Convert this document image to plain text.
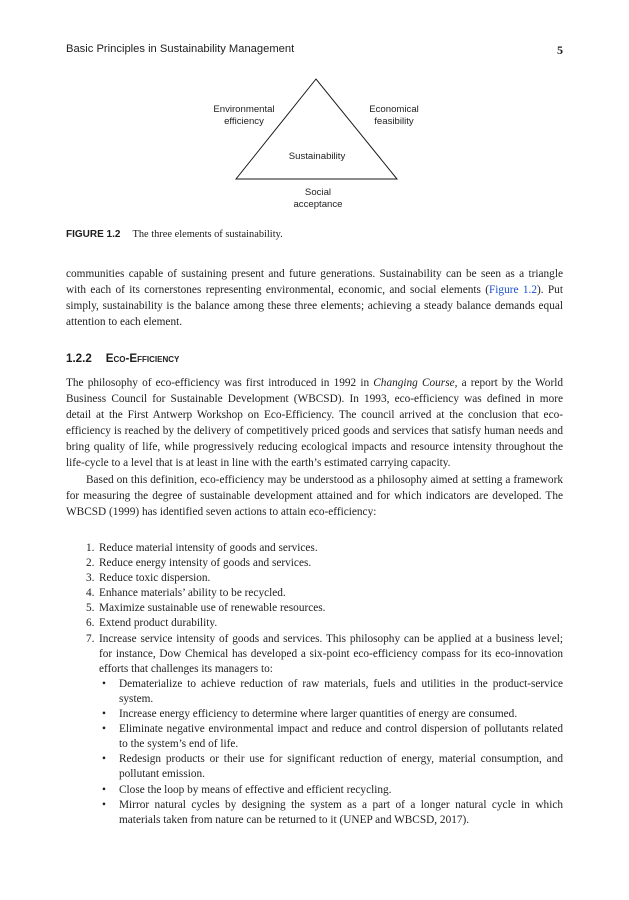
Basic Principles in Sustainability Management	5
Environmental
efficiency
Economical
feasibility
Sustainability
Social
acceptance
FIGURE 1.2 The three elements of sustainability.

communities capable of sustaining present and future generations. Sustainability can be seen as a triangle with each of its cornerstones representing environmental, economic, and social elements (Figure 1.2). Put simply, sustainability is the balance among these three elements; achieving a steady balance demands equal attention to each element.

1.2.2 Eco-Efficiency

The philosophy of eco-efficiency was first introduced in 1992 in Changing Course, a report by the World Business Council for Sustainable Development (WBCSD). In 1993, eco-efficiency was defined in more detail at the First Antwerp Workshop on Eco-Efficiency. The council arrived at the conclusion that eco-efficiency is reached by the delivery of competitively priced goods and services that satisfy human needs and bring quality of life, while progressively reducing ecological impacts and resource intensity throughout the life-cycle to a level that is at least in line with the earth’s estimated carrying capacity.

Based on this definition, eco-efficiency may be understood as a philosophy aimed at setting a framework for measuring the degree of sustainable development attained and for which indicators are developed. The WBCSD (1999) has identified seven actions to attain eco-efficiency:

1. Reduce material intensity of goods and services.
2. Reduce energy intensity of goods and services.
3. Reduce toxic dispersion.
4. Enhance materials’ ability to be recycled.
5. Maximize sustainable use of renewable resources.
6. Extend product durability.
7. Increase service intensity of goods and services. This philosophy can be applied at a business level; for instance, Dow Chemical has developed a six-point eco-efficiency compass for its eco-innovation efforts that challenges its managers to:
• Dematerialize to achieve reduction of raw materials, fuels and utilities in the product-service system.
• Increase energy efficiency to determine where larger quantities of energy are consumed.
• Eliminate negative environmental impact and reduce and control dispersion of pollutants related to the system’s end of life.
• Redesign products or their use for significant reduction of energy, material consumption, and pollutant emission.
• Close the loop by means of effective and efficient recycling.
• Mirror natural cycles by designing the system as a part of a longer natural cycle in which materials taken from nature can be returned to it (UNEP and WBCSD, 2017).
